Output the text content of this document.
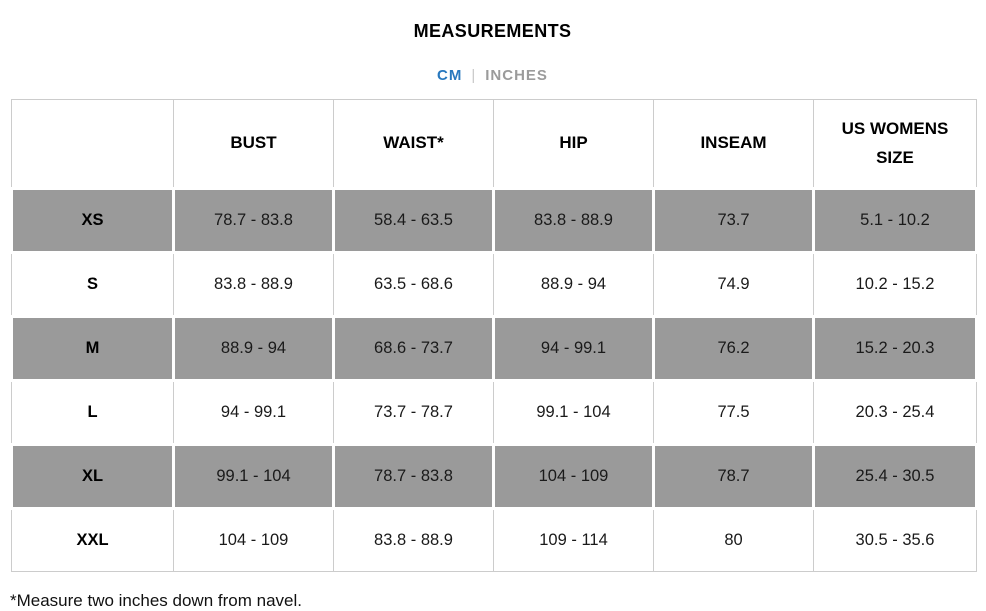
MEASUREMENTS
CM | INCHES
	BUST	WAIST*	HIP	INSEAM	US WOMENS SIZE
XS	78.7 - 83.8	58.4 - 63.5	83.8 - 88.9	73.7	5.1 - 10.2
S	83.8 - 88.9	63.5 - 68.6	88.9 - 94	74.9	10.2 - 15.2
M	88.9 - 94	68.6 - 73.7	94 - 99.1	76.2	15.2 - 20.3
L	94 - 99.1	73.7 - 78.7	99.1 - 104	77.5	20.3 - 25.4
XL	99.1 - 104	78.7 - 83.8	104 - 109	78.7	25.4 - 30.5
XXL	104 - 109	83.8 - 88.9	109 - 114	80	30.5 - 35.6
*Measure two inches down from navel.
